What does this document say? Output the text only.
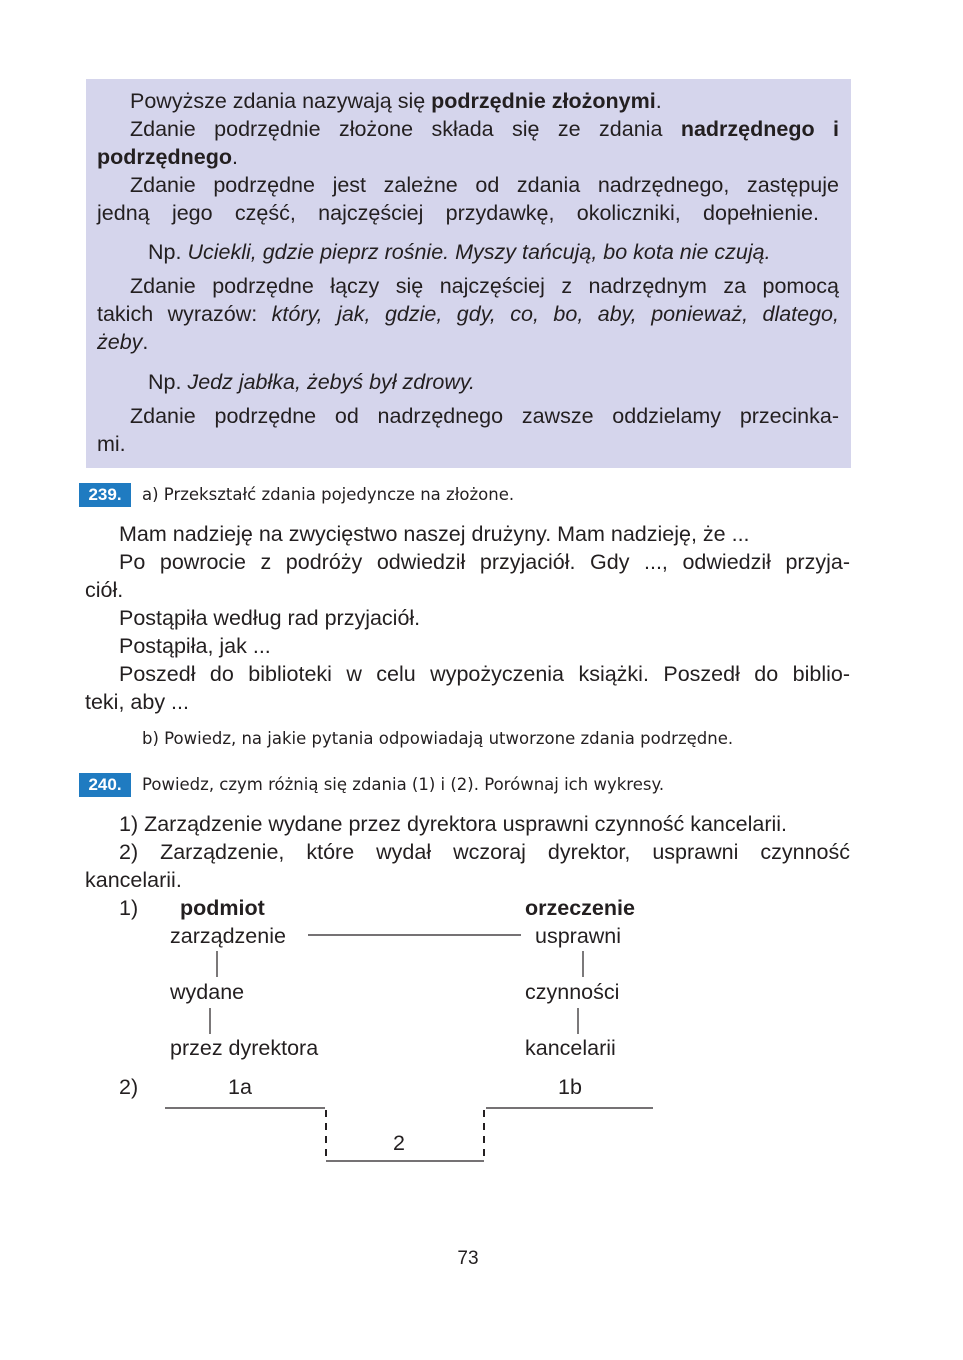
Powyższe zdania nazywają się podrzędnie złożonymi.
Zdanie podrzędnie złożone składa się ze zdania nadrzędnego i
podrzędnego.
Zdanie podrzędne jest zależne od zdania nadrzędnego, zastępuje
jedną jego część, najczęściej przydawkę, okoliczniki, dopełnienie.
Np. Uciekli, gdzie pieprz rośnie. Myszy tańcują, bo kota nie czują.
Zdanie podrzędne łączy się najczęściej z nadrzędnym za pomocą
takich wyrazów: który, jak, gdzie, gdy, co, bo, aby, ponieważ, dlatego,
żeby.
Np. Jedz jabłka, żebyś był zdrowy.
Zdanie podrzędne od nadrzędnego zawsze oddzielamy przecinka-
mi.
239.	a) Przekształć zdania pojedyncze na złożone.
Mam nadzieję na zwycięstwo naszej drużyny. Mam nadzieję, że ...
Po powrocie z podróży odwiedził przyjaciół. Gdy ..., odwiedził przyja-
ciół.
Postąpiła według rad przyjaciół.
Postąpiła, jak ...
Poszedł do biblioteki w celu wypożyczenia książki. Poszedł do biblio-
teki, aby ...
b) Powiedz, na jakie pytania odpowiadają utworzone zdania podrzędne.
240.	Powiedz, czym różnią się zdania (1) i (2). Porównaj ich wykresy.
1) Zarządzenie wydane przez dyrektora usprawni czynność kancelarii.
2) Zarządzenie, które wydał wczoraj dyrektor, usprawni czynność
kancelarii.
1) podmiot	orzeczenie
zarządzenie	usprawni
wydane	czynności
przez dyrektora	kancelarii
2)	1a	1b
2
73
